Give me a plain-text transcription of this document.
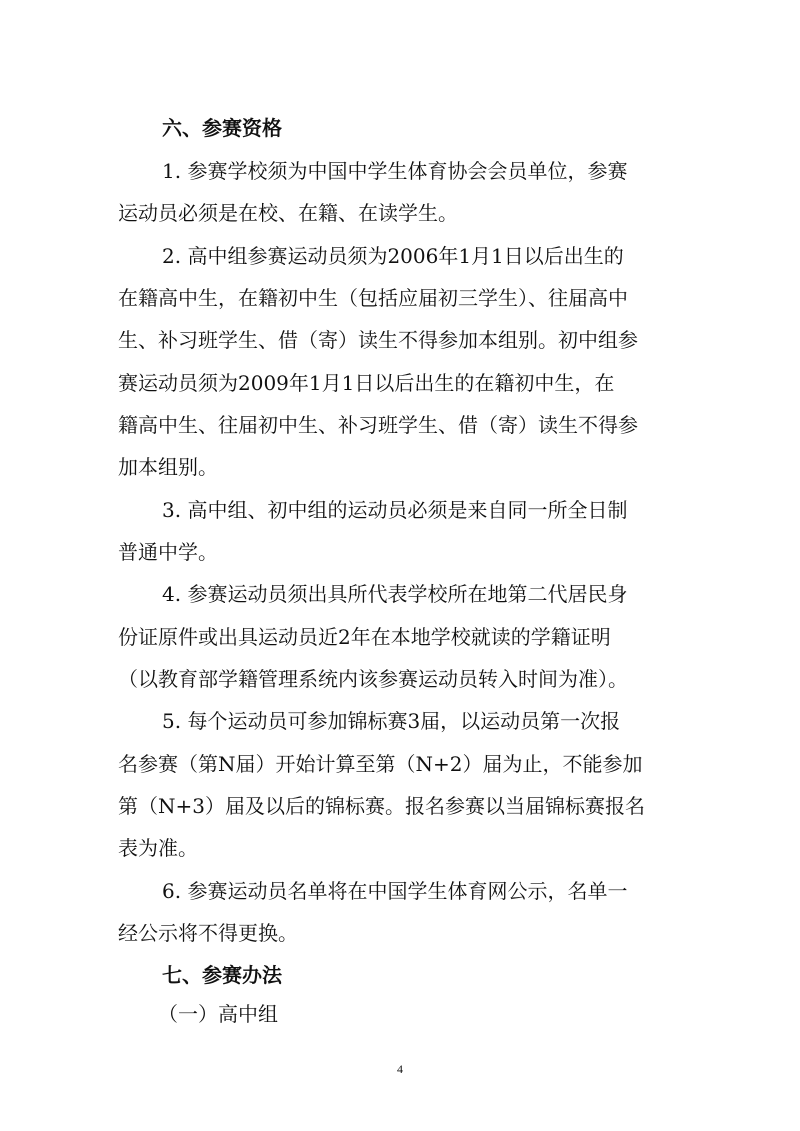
六、参赛资格
1. 参赛学校须为中国中学生体育协会会员单位，参赛
运动员必须是在校、在籍、在读学生。
2. 高中组参赛运动员须为2006年1月1日以后出生的
在籍高中生，在籍初中生（包括应届初三学生）、往届高中
生、补习班学生、借（寄）读生不得参加本组别。初中组参
赛运动员须为2009年1月1日以后出生的在籍初中生，在
籍高中生、往届初中生、补习班学生、借（寄）读生不得参
加本组别。
3. 高中组、初中组的运动员必须是来自同一所全日制
普通中学。
4. 参赛运动员须出具所代表学校所在地第二代居民身
份证原件或出具运动员近2年在本地学校就读的学籍证明
（以教育部学籍管理系统内该参赛运动员转入时间为准）。
5. 每个运动员可参加锦标赛3届，以运动员第一次报
名参赛（第N届）开始计算至第（N+2）届为止，不能参加
第（N+3）届及以后的锦标赛。报名参赛以当届锦标赛报名
表为准。
6. 参赛运动员名单将在中国学生体育网公示，名单一
经公示将不得更换。
七、参赛办法
（一）高中组
4
